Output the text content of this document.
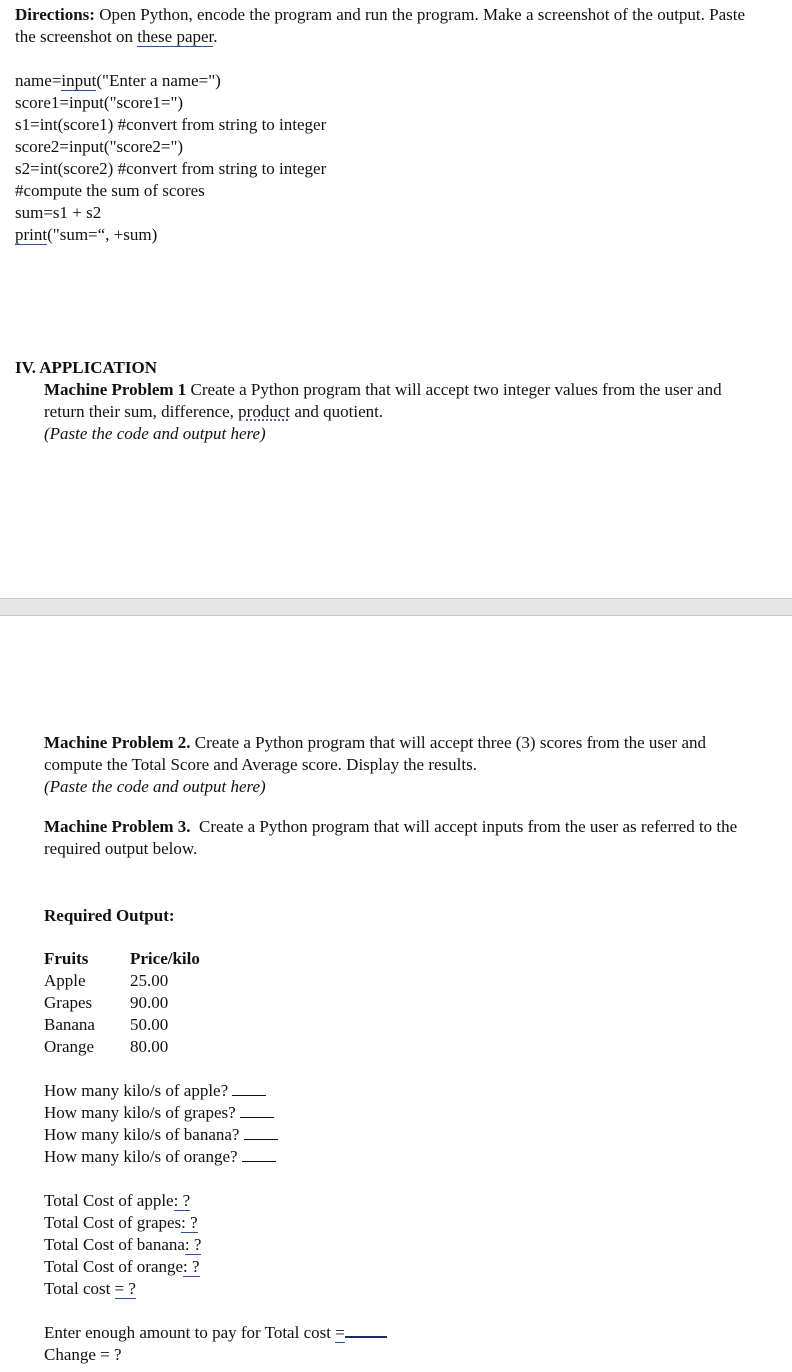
Directions: Open Python, encode the program and run the program. Make a screenshot of the output. Paste the screenshot on these paper.

name=input("Enter a name=")

score1=input("score1=")

s1=int(score1) #convert from string to integer

score2=input("score2=")

s2=int(score2) #convert from string to integer

#compute the sum of scores

sum=s1 + s2

print("sum=“, +sum)

IV. APPLICATION

Machine Problem 1 Create a Python program that will accept two integer values from the user and return their sum, difference, product and quotient.

(Paste the code and output here)

Machine Problem 2. Create a Python program that will accept three (3) scores from the user and compute the Total Score and Average score. Display the results.

(Paste the code and output here)

Machine Problem 3.  Create a Python program that will accept inputs from the user as referred to the required output below.

Required Output:

Fruits	Price/kilo
Apple	25.00
Grapes	90.00
Banana	50.00
Orange	80.00

How many kilo/s of apple?

How many kilo/s of grapes?

How many kilo/s of banana?

How many kilo/s of orange?

Total Cost of apple: ?

Total Cost of grapes: ?

Total Cost of banana: ?

Total Cost of orange: ?

Total cost = ?

Enter enough amount to pay for Total cost =

Change = ?
